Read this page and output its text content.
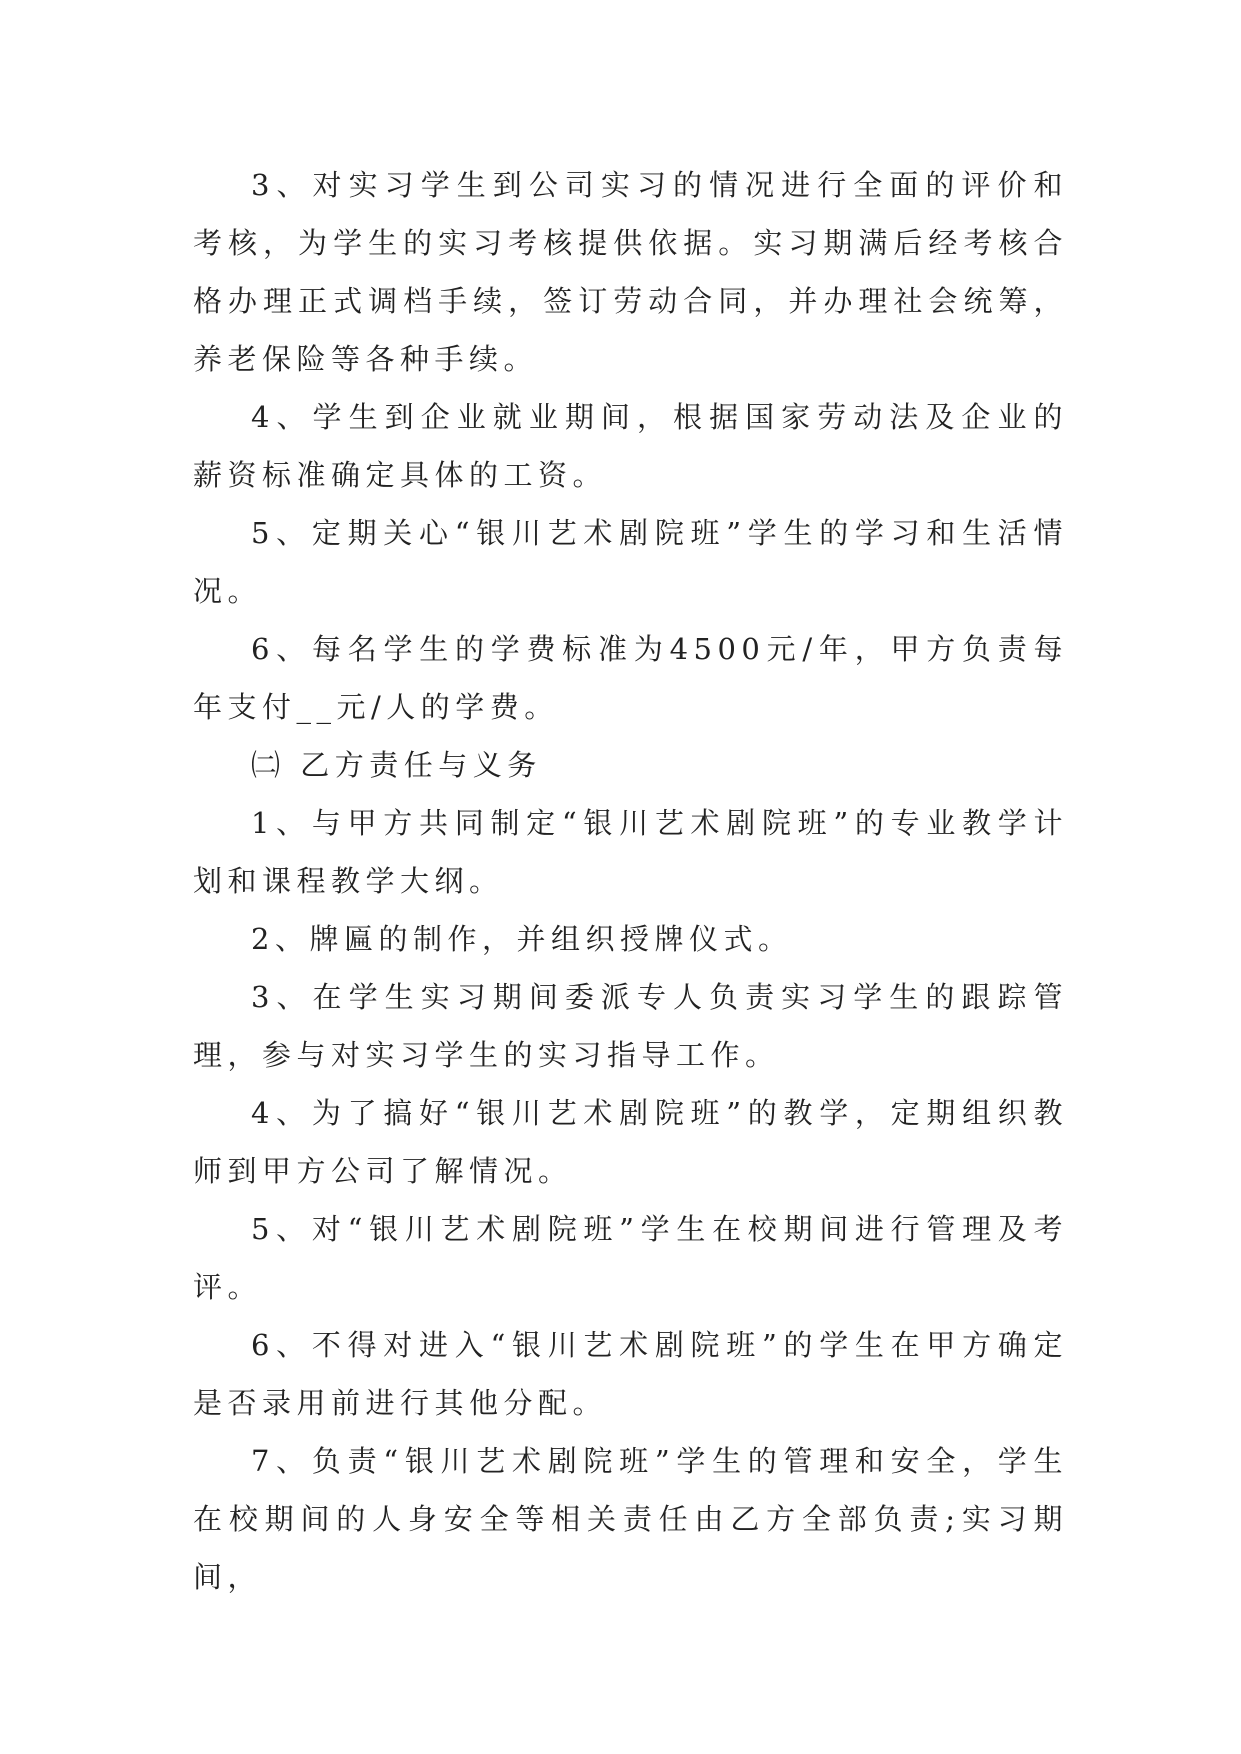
3、对实习学生到公司实习的情况进行全面的评价和考核，为学生的实习考核提供依据。实习期满后经考核合格办理正式调档手续，签订劳动合同，并办理社会统筹，养老保险等各种手续。

4、学生到企业就业期间，根据国家劳动法及企业的薪资标准确定具体的工资。

5、定期关心“银川艺术剧院班”学生的学习和生活情况。

6、每名学生的学费标准为4500元/年，甲方负责每年支付__元/人的学费。

㈡ 乙方责任与义务

1、与甲方共同制定“银川艺术剧院班”的专业教学计划和课程教学大纲。

2、牌匾的制作，并组织授牌仪式。

3、在学生实习期间委派专人负责实习学生的跟踪管理，参与对实习学生的实习指导工作。

4、为了搞好“银川艺术剧院班”的教学，定期组织教师到甲方公司了解情况。

5、对“银川艺术剧院班”学生在校期间进行管理及考评。

6、不得对进入“银川艺术剧院班”的学生在甲方确定是否录用前进行其他分配。

7、负责“银川艺术剧院班”学生的管理和安全，学生在校期间的人身安全等相关责任由乙方全部负责;实习期间，
